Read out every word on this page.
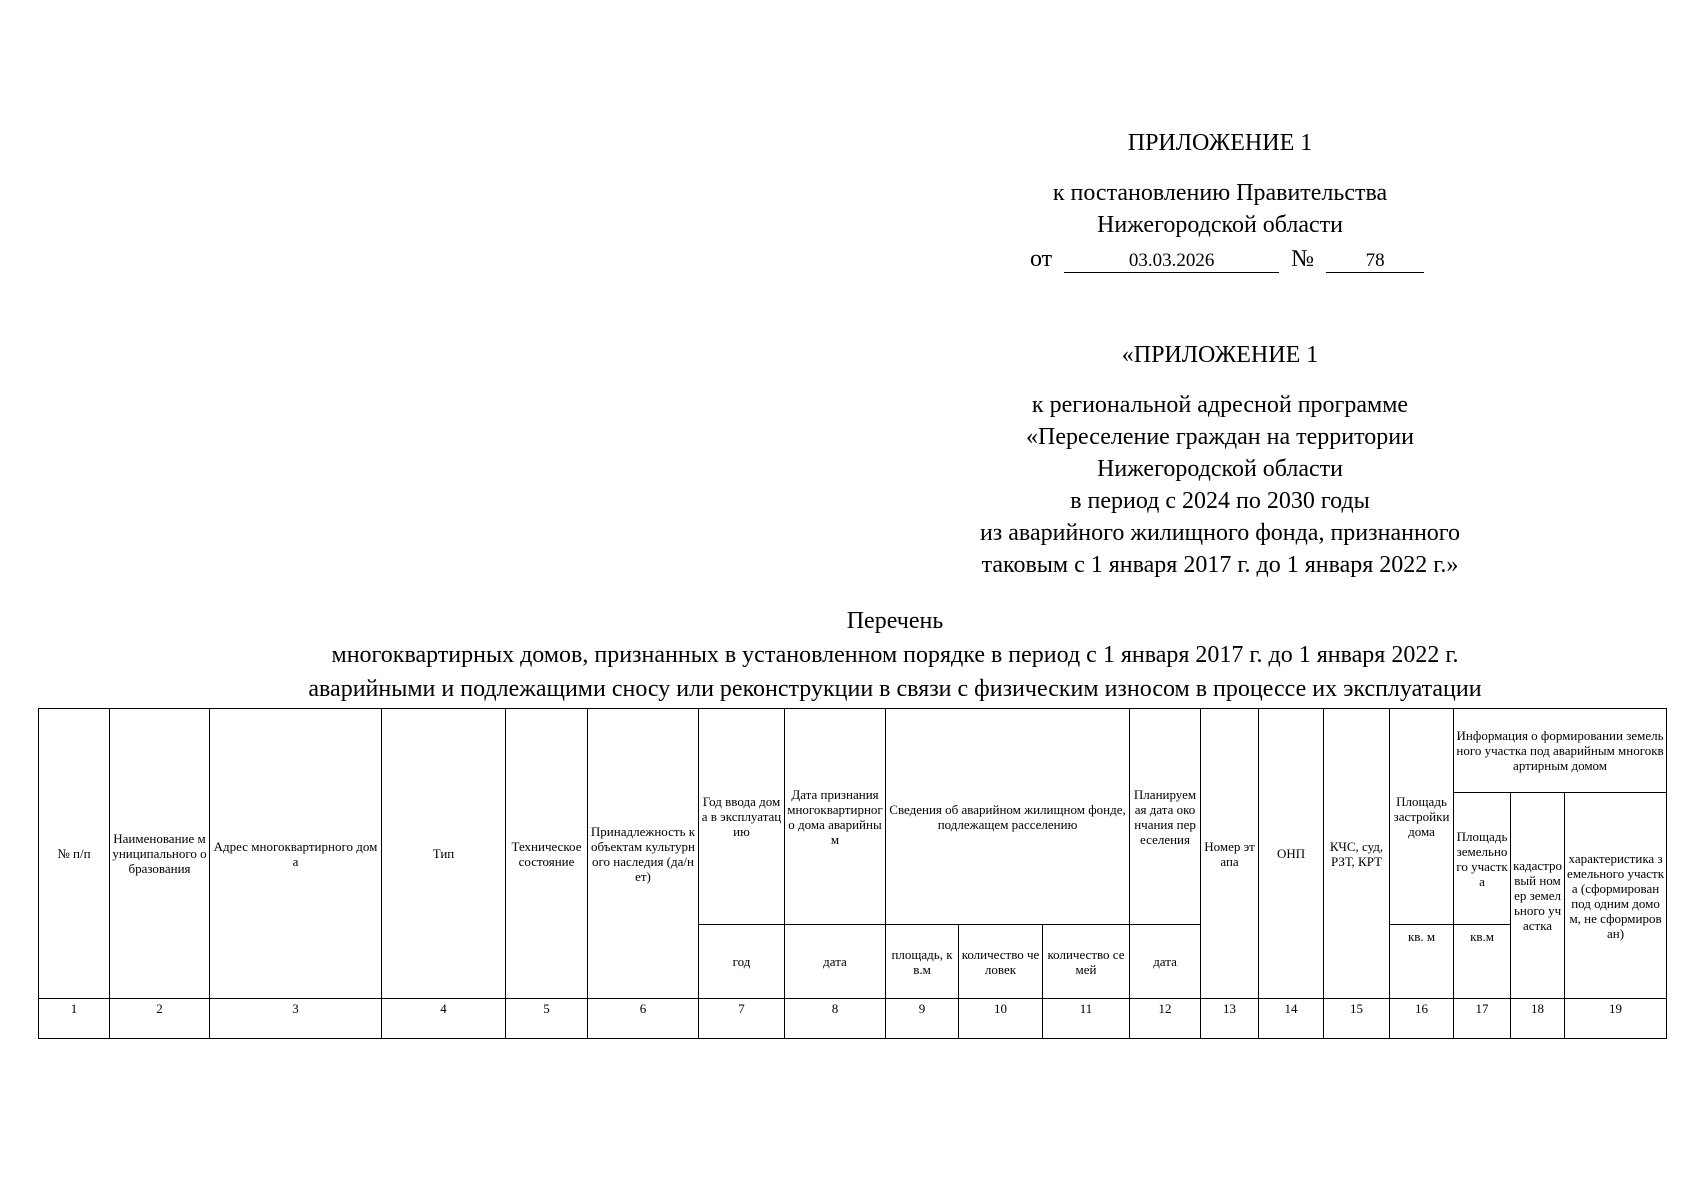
ПРИЛОЖЕНИЕ 1
к постановлению Правительства
Нижегородской области
от	03.03.2026	№	78
«ПРИЛОЖЕНИЕ 1
к региональной адресной программе
«Переселение граждан на территории
Нижегородской области
в период с 2024 по 2030 годы
из аварийного жилищного фонда, признанного
таковым с 1 января 2017 г. до 1 января 2022 г.»
Перечень
многоквартирных домов, признанных в установленном порядке в период с 1 января 2017 г. до 1 января 2022 г.
аварийными и подлежащими сносу или реконструкции в связи с физическим износом в процессе их эксплуатации
№ п/п	Наименование муниципального образования	Адрес многоквартирного дома	Тип	Техническое состояние	Принадлежность к объектам культурного наследия (да/нет)	Год ввода дома в эксплуатацию	Дата признания многоквартирного дома аварийным	Сведения об аварийном жилищном фонде, подлежащем расселению			Планируемая дата окончания переселения	Номер этапа	ОНП	КЧС, суд, РЗТ, КРТ	Площадь застройки дома	Информация о формировании земельного участка под аварийным многоквартирным домом		
																Площадь земельного участка	кадастровый номер земельного участка	характеристика земельного участка (сформирован под одним домом, не сформирован)
						год	дата	площадь, кв.м	количество человек	количество семей	дата				кв. м	кв.м		
1	2	3	4	5	6	7	8	9	10	11	12	13	14	15	16	17	18	19
